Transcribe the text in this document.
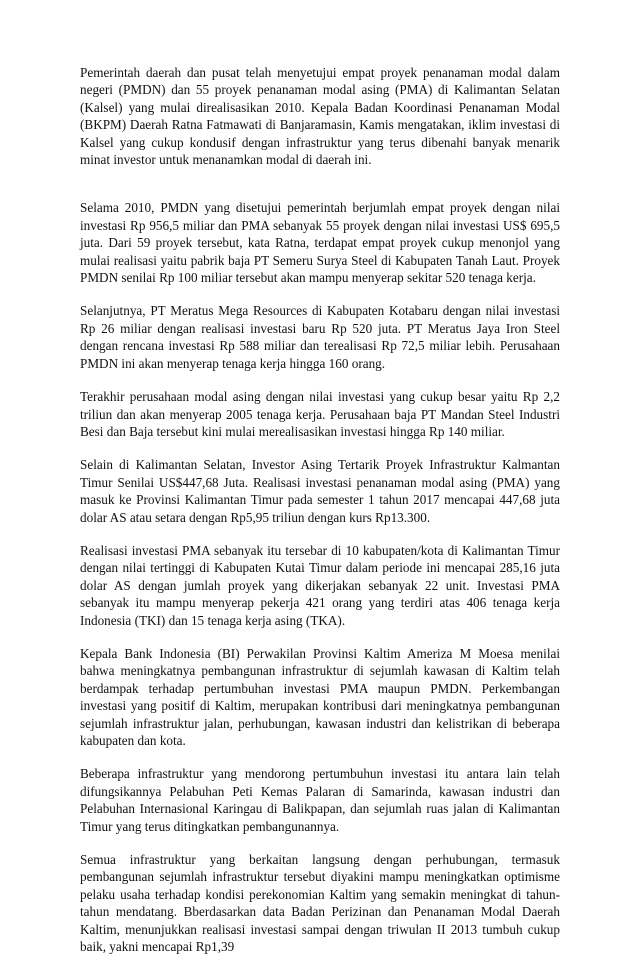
Pemerintah daerah dan pusat telah menyetujui empat proyek penanaman modal dalam negeri (PMDN) dan 55 proyek penanaman modal asing (PMA) di Kalimantan Selatan (Kalsel) yang mulai direalisasikan 2010. Kepala Badan Koordinasi Penanaman Modal (BKPM) Daerah Ratna Fatmawati di Banjaramasin, Kamis mengatakan, iklim investasi di Kalsel yang cukup kondusif dengan infrastruktur yang terus dibenahi banyak menarik minat investor untuk menanamkan modal di daerah ini.

Selama 2010, PMDN yang disetujui pemerintah berjumlah empat proyek dengan nilai investasi Rp 956,5 miliar dan PMA sebanyak 55 proyek dengan nilai investasi US$ 695,5 juta. Dari 59 proyek tersebut, kata Ratna, terdapat empat proyek cukup menonjol yang mulai realisasi yaitu pabrik baja PT Semeru Surya Steel di Kabupaten Tanah Laut. Proyek PMDN senilai Rp 100 miliar tersebut akan mampu menyerap sekitar 520 tenaga kerja.

Selanjutnya, PT Meratus Mega Resources di Kabupaten Kotabaru dengan nilai investasi Rp 26 miliar dengan realisasi investasi baru Rp 520 juta. PT Meratus Jaya Iron Steel dengan rencana investasi Rp 588 miliar dan terealisasi Rp 72,5 miliar lebih. Perusahaan PMDN ini akan menyerap tenaga kerja hingga 160 orang.

Terakhir perusahaan modal asing dengan nilai investasi yang cukup besar yaitu Rp 2,2 triliun dan akan menyerap 2005 tenaga kerja. Perusahaan baja PT Mandan Steel Industri Besi dan Baja tersebut kini mulai merealisasikan investasi hingga Rp 140 miliar.

Selain di Kalimantan Selatan, Investor Asing Tertarik Proyek Infrastruktur Kalmantan Timur Senilai US$447,68 Juta. Realisasi investasi penanaman modal asing (PMA) yang masuk ke Provinsi Kalimantan Timur pada semester 1 tahun 2017 mencapai 447,68 juta dolar AS atau setara dengan Rp5,95 triliun dengan kurs Rp13.300.

Realisasi investasi PMA sebanyak itu tersebar di 10 kabupaten/kota di Kalimantan Timur dengan nilai tertinggi di Kabupaten Kutai Timur dalam periode ini mencapai 285,16 juta dolar AS dengan jumlah proyek yang dikerjakan sebanyak 22 unit. Investasi PMA sebanyak itu mampu menyerap pekerja 421 orang yang terdiri atas 406 tenaga kerja Indonesia (TKI) dan 15 tenaga kerja asing (TKA).

Kepala Bank Indonesia (BI) Perwakilan Provinsi Kaltim Ameriza M Moesa menilai bahwa meningkatnya pembangunan infrastruktur di sejumlah kawasan di Kaltim telah berdampak terhadap pertumbuhan investasi PMA maupun PMDN. Perkembangan investasi yang positif di Kaltim, merupakan kontribusi dari meningkatnya pembangunan sejumlah infrastruktur jalan, perhubungan, kawasan industri dan kelistrikan di beberapa kabupaten dan kota.

Beberapa infrastruktur yang mendorong pertumbuhun investasi itu antara lain telah difungsikannya Pelabuhan Peti Kemas Palaran di Samarinda, kawasan industri dan Pelabuhan Internasional Karingau di Balikpapan, dan sejumlah ruas jalan di Kalimantan Timur yang terus ditingkatkan pembangunannya.

Semua infrastruktur yang berkaitan langsung dengan perhubungan, termasuk pembangunan sejumlah infrastruktur tersebut diyakini mampu meningkatkan optimisme pelaku usaha terhadap kondisi perekonomian Kaltim yang semakin meningkat di tahun-tahun mendatang. Bberdasarkan data Badan Perizinan dan Penanaman Modal Daerah Kaltim, menunjukkan realisasi investasi sampai dengan triwulan II 2013 tumbuh cukup baik, yakni mencapai Rp1,39
